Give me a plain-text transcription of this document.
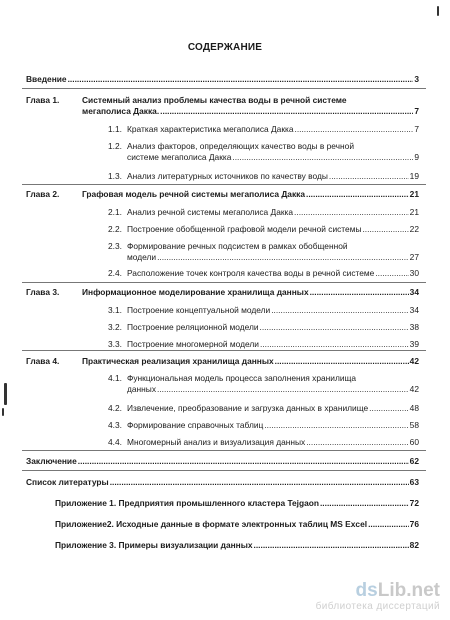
СОДЕРЖАНИЕ
Введение .....	3
Глава 1.	Системный анализ проблемы качества воды в речной системе
мегаполиса Дакка. .....	7
1.1. Краткая характеристика мегаполиса Дакка .....	7
1.2. Анализ факторов, определяющих качество воды в речной
системе мегаполиса Дакка .....	9
1.3. Анализ литературных источников по качеству воды .....	19
Глава 2.	Графовая модель речной системы мегаполиса Дакка .....	21
2.1. Анализ речной системы мегаполиса Дакка .....	21
2.2. Построение обобщенной графовой модели речной системы .....	22
2.3. Формирование речных подсистем в рамках обобщенной
модели .....	27
2.4. Расположение точек контроля качества воды в речной системе .....	30
Глава 3.	Информационное моделирование хранилища данных .....	34
3.1. Построение концептуальной модели .....	34
3.2. Построение реляционной модели .....	38
3.3. Построение многомерной модели .....	39
Глава 4.	Практическая реализация хранилища данных .....	42
4.1. Функциональная модель процесса заполнения хранилища
данных .....	42
4.2. Извлечение, преобразование и загрузка данных в хранилище .....	48
4.3. Формирование справочных таблиц .....	58
4.4. Многомерный анализ и визуализация данных .....	60
Заключение .....	62
Список литературы .....	63
Приложение 1. Предприятия промышленного кластера Tejgaon .....	72
Приложение2. Исходные данные в формате электронных таблиц MS Excel .....	76
Приложение 3. Примеры визуализации данных .....	82
dsLib.net
библиотека диссертаций
